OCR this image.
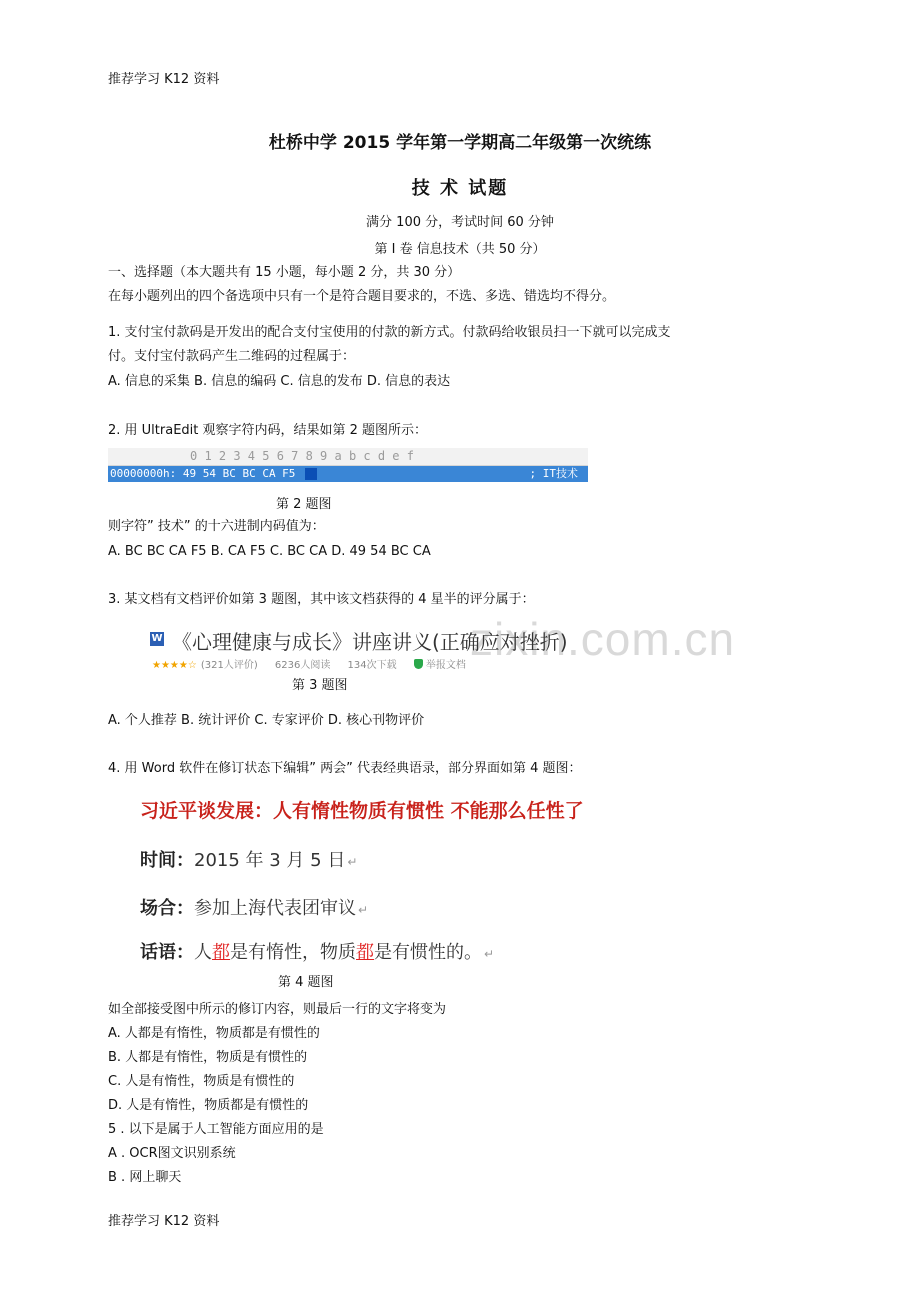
推荐学习 K12 资料
杜桥中学 2015 学年第一学期高二年级第一次统练
技 术 试题
满分 100 分，考试时间 60 分钟
第 I 卷 信息技术（共 50 分）
一、选择题（本大题共有 15 小题，每小题 2 分，共 30 分）
在每小题列出的四个备选项中只有一个是符合题目要求的，不选、多选、错选均不得分。
1. 支付宝付款码是开发出的配合支付宝使用的付款的新方式。付款码给收银员扫一下就可以完成支
付。支付宝付款码产生二维码的过程属于：
A. 信息的采集 B. 信息的编码 C. 信息的发布 D. 信息的表达
2. 用 UltraEdit 观察字符内码，结果如第 2 题图所示：
0 1 2 3 4 5 6 7 8 9 a b c d e f
00000000h: 49 54 BC BC CA F5	; IT技术
第 2 题图
则字符” 技术” 的十六进制内码值为：
A. BC BC CA F5 B. CA F5 C. BC CA D. 49 54 BC CA
3. 某文档有文档评价如第 3 题图，其中该文档获得的 4 星半的评分属于：
zixin.com.cn
W 《心理健康与成长》讲座讲义(正确应对挫折)
★★★★☆ (321人评价) 6236人阅读 134次下载	举报文档
第 3 题图
A. 个人推荐 B. 统计评价 C. 专家评价 D. 核心刊物评价
4. 用 Word 软件在修订状态下编辑” 两会” 代表经典语录，部分界面如第 4 题图：
习近平谈发展：人有惰性物质有惯性 不能那么任性了
时间：2015 年 3 月 5 日 ↵
场合：参加上海代表团审议 ↵
话语：人都是有惰性，物质都是有惯性的。 ↵
第 4 题图
如全部接受图中所示的修订内容，则最后一行的文字将变为
A. 人都是有惰性，物质都是有惯性的
B. 人都是有惰性，物质是有惯性的
C. 人是有惰性，物质是有惯性的
D. 人是有惰性，物质都是有惯性的
5 . 以下是属于人工智能方面应用的是
A . OCR图文识别系统
B . 网上聊天
推荐学习 K12 资料
